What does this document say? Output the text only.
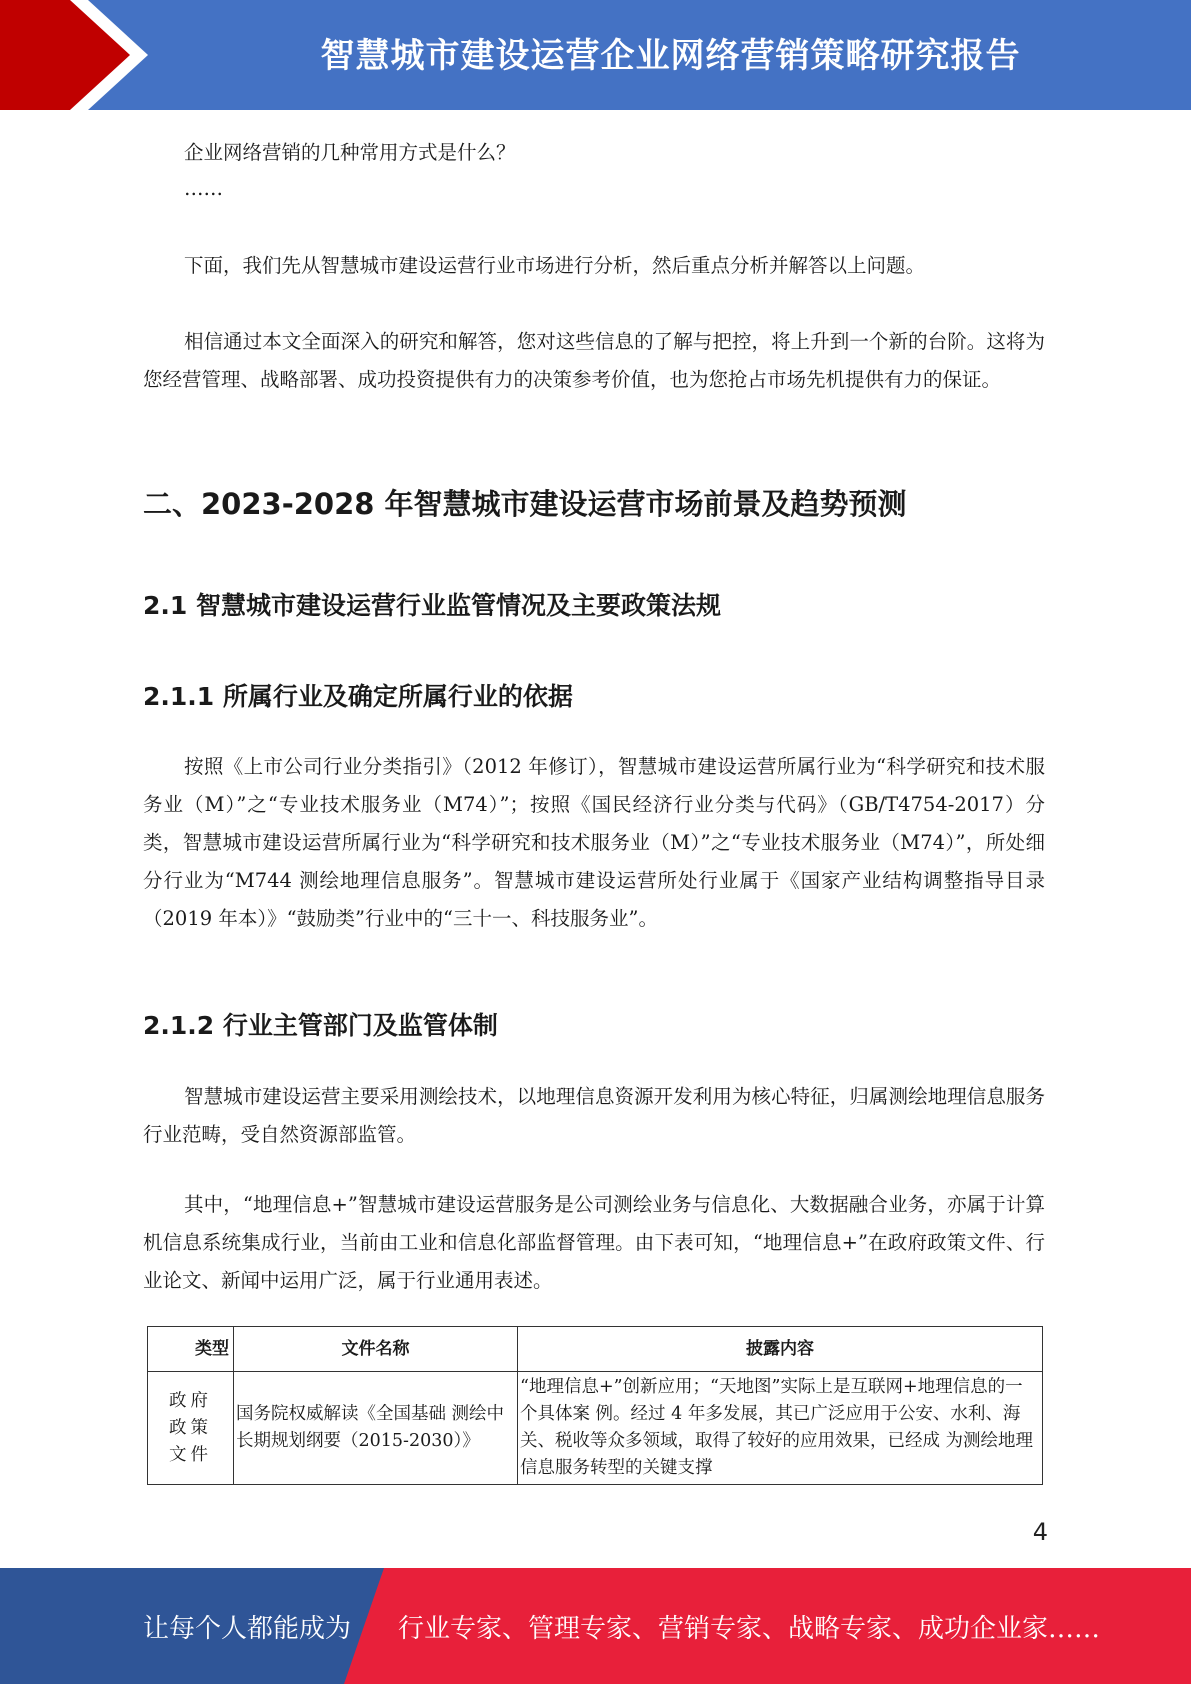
智慧城市建设运营企业网络营销策略研究报告
企业网络营销的几种常用方式是什么？
……
下面，我们先从智慧城市建设运营行业市场进行分析，然后重点分析并解答以上问题。
相信通过本文全面深入的研究和解答，您对这些信息的了解与把控，将上升到一个新的台阶。这将为您经营管理、战略部署、成功投资提供有力的决策参考价值，也为您抢占市场先机提供有力的保证。
二、2023-2028 年智慧城市建设运营市场前景及趋势预测
2.1 智慧城市建设运营行业监管情况及主要政策法规
2.1.1 所属行业及确定所属行业的依据
按照《上市公司行业分类指引》（2012 年修订），智慧城市建设运营所属行业为“科学研究和技术服务业（M）”之“专业技术服务业（M74）”；按照《国民经济行业分类与代码》（GB/T4754-2017）分类，智慧城市建设运营所属行业为“科学研究和技术服务业（M）”之“专业技术服务业（M74）”，所处细分行业为“M744 测绘地理信息服务”。智慧城市建设运营所处行业属于《国家产业结构调整指导目录（2019 年本）》“鼓励类”行业中的“三十一、科技服务业”。
2.1.2 行业主管部门及监管体制
智慧城市建设运营主要采用测绘技术，以地理信息资源开发利用为核心特征，归属测绘地理信息服务行业范畴，受自然资源部监管。
其中，“地理信息+”智慧城市建设运营服务是公司测绘业务与信息化、大数据融合业务，亦属于计算机信息系统集成行业，当前由工业和信息化部监督管理。由下表可知，“地理信息+”在政府政策文件、行业论文、新闻中运用广泛，属于行业通用表述。
类型	文件名称	披露内容
政府 政策 文件	国务院权威解读《全国基础 测绘中长期规划纲要（2015-2030）》	“地理信息+”创新应用；“天地图”实际上是互联网+地理信息的一个具体案 例。经过 4 年多发展，其已广泛应用于公安、水利、海 关、税收等众多领域，取得了较好的应用效果，已经成 为测绘地理信息服务转型的关键支撑
4
让每个人都能成为 行业专家、管理专家、营销专家、战略专家、成功企业家……
